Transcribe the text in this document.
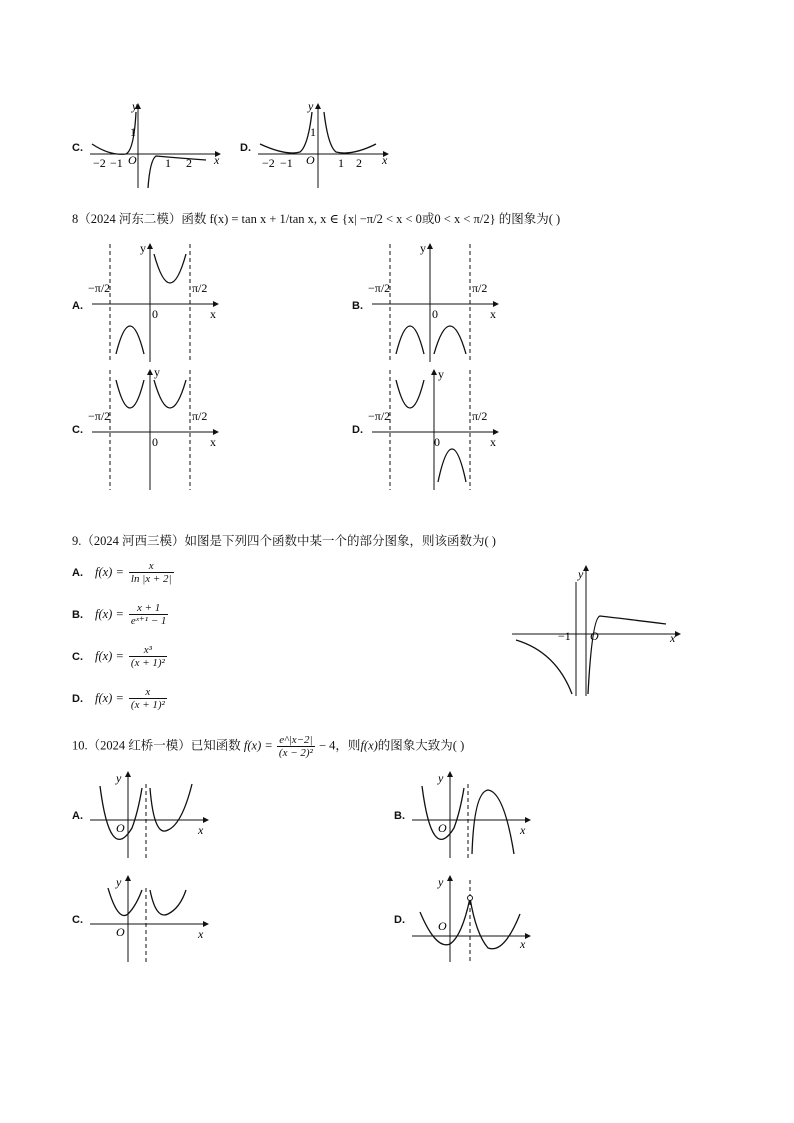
C.
y
x
O
1
−2 −1	1 2
D.
y
x
O
1
−2 −1	1 2
8（2024 河东二模）函数 f(x) = tan x + 1/tan x, x ∈ {x| −π/2 < x < 0或0 < x < π/2} 的图象为( )
A.
y
x
0
−π/2	π/2
B.
y
x
0
−π/2	π/2
C.
y
x
0
−π/2	π/2
D.
y
x
0
−π/2	π/2
9.（2024 河西三模）如图是下列四个函数中某一个的部分图象，则该函数为( )
A. $f(x) = \frac{x}{\ln |x + 2|}$
B. $f(x) = \frac{x + 1}{\text{eˣ⁺¹ − 1}}$
C. $f(x) = \frac{\text{x³}}{\text{(x + 1)²}}$
D. $f(x) = \frac{x}{\text{(x + 1)²}}$
y
x
O
−1
10.（2024 红桥一模）已知函数 $f(x) = \frac{e\^{}|x-2|}{\text{(x − 2)²}} - 4$，则f(x)的图象大致为( )
A.
y
x
O
B.
y
x
O
C.
y
x
O
D.
y
x
O
